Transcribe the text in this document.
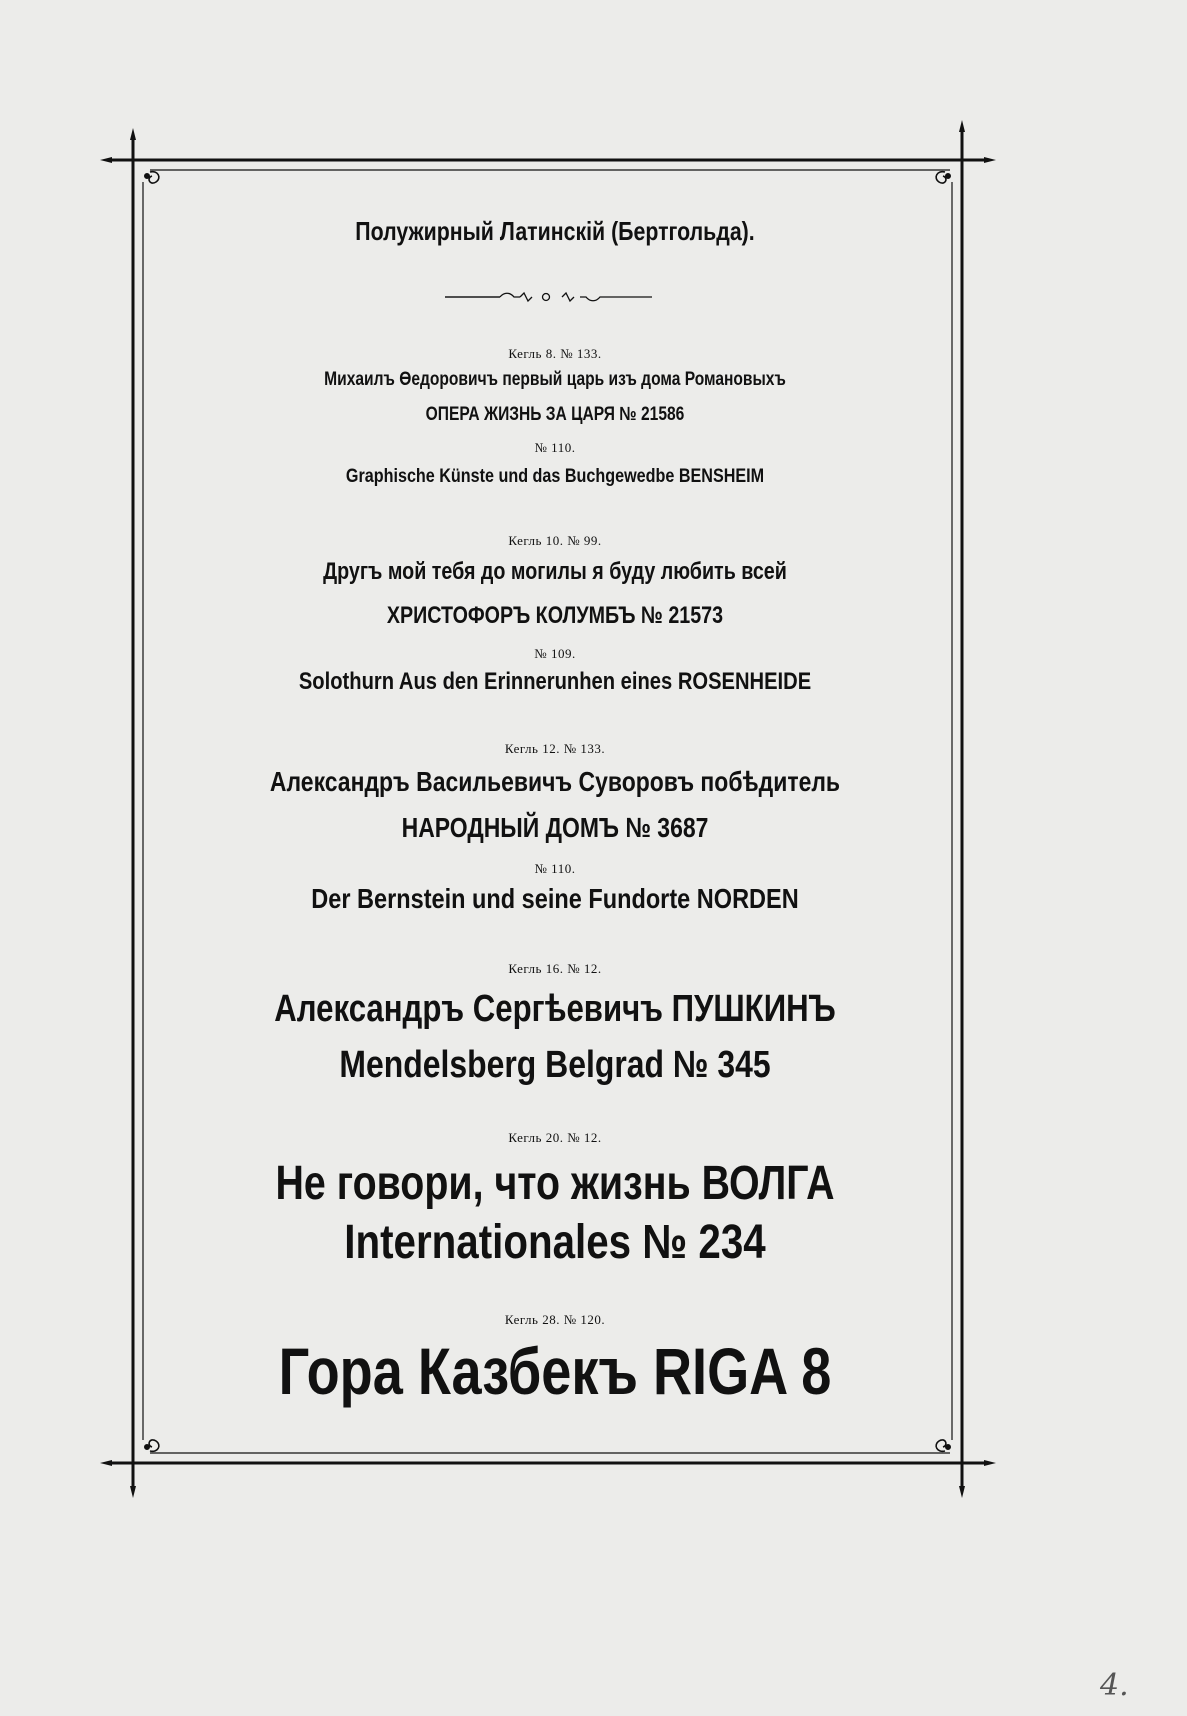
Полужирный Латинскій (Бертгольда).
Кегль 8. № 133.
Михаилъ Өедоровичъ первый царь изъ дома Романовыхъ
ОПЕРА ЖИЗНЬ ЗА ЦАРЯ № 21586
№ 110.
Graphische Künste und das Buchgewedbe BENSHEIM
Кегль 10. № 99.
Другъ мой тебя до могилы я буду любить всей
ХРИСТОФОРЪ КОЛУМБЪ № 21573
№ 109.
Solothurn Aus den Erinnerunhen eines ROSENHEIDE
Кегль 12. № 133.
Александръ Васильевичъ Суворовъ побѣдитель
НАРОДНЫЙ ДОМЪ № 3687
№ 110.
Der Bernstein und seine Fundorte NORDEN
Кегль 16. № 12.
Александръ Сергѣевичъ ПУШКИНЪ
Mendelsberg Belgrad № 345
Кегль 20. № 12.
Не говори, что жизнь ВОЛГА
Internationales № 234
Кегль 28. № 120.
Гора Казбекъ RIGA 8
4.
